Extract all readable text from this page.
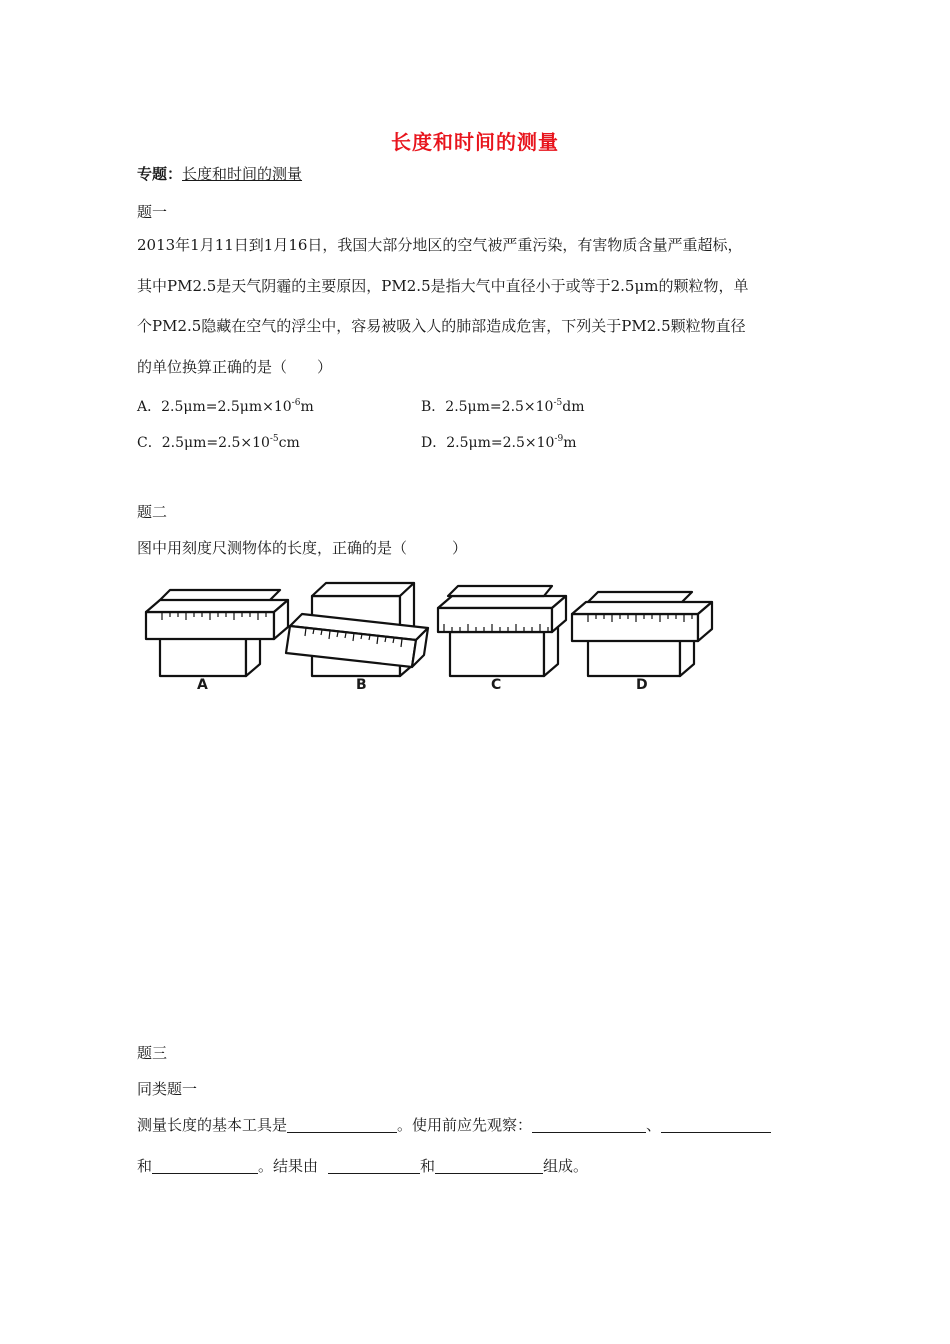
长度和时间的测量
专题：长度和时间的测量
题一
2013年1月11日到1月16日，我国大部分地区的空气被严重污染，有害物质含量严重超标，
其中PM2.5是天气阴霾的主要原因，PM2.5是指大气中直径小于或等于2.5μm的颗粒物，单
个PM2.5隐藏在空气的浮尘中，容易被吸入人的肺部造成危害，下列关于PM2.5颗粒物直径
的单位换算正确的是（　　）
A．$2.5\mu m=2.5\mu m\times 10^{-6}m$	B．$2.5\mu m=2.5\times 10^{-5}dm$
C．$2.5\mu m=2.5\times 10^{-5}cm$	D．$2.5\mu m=2.5\times 10^{-9}m$
题二
图中用刻度尺测物体的长度，正确的是（　　　）
A	B	C	D
题三
同类题一
测量长度的基本工具是	。使用前应先观察：	、
和	。结果由	和	组成。
